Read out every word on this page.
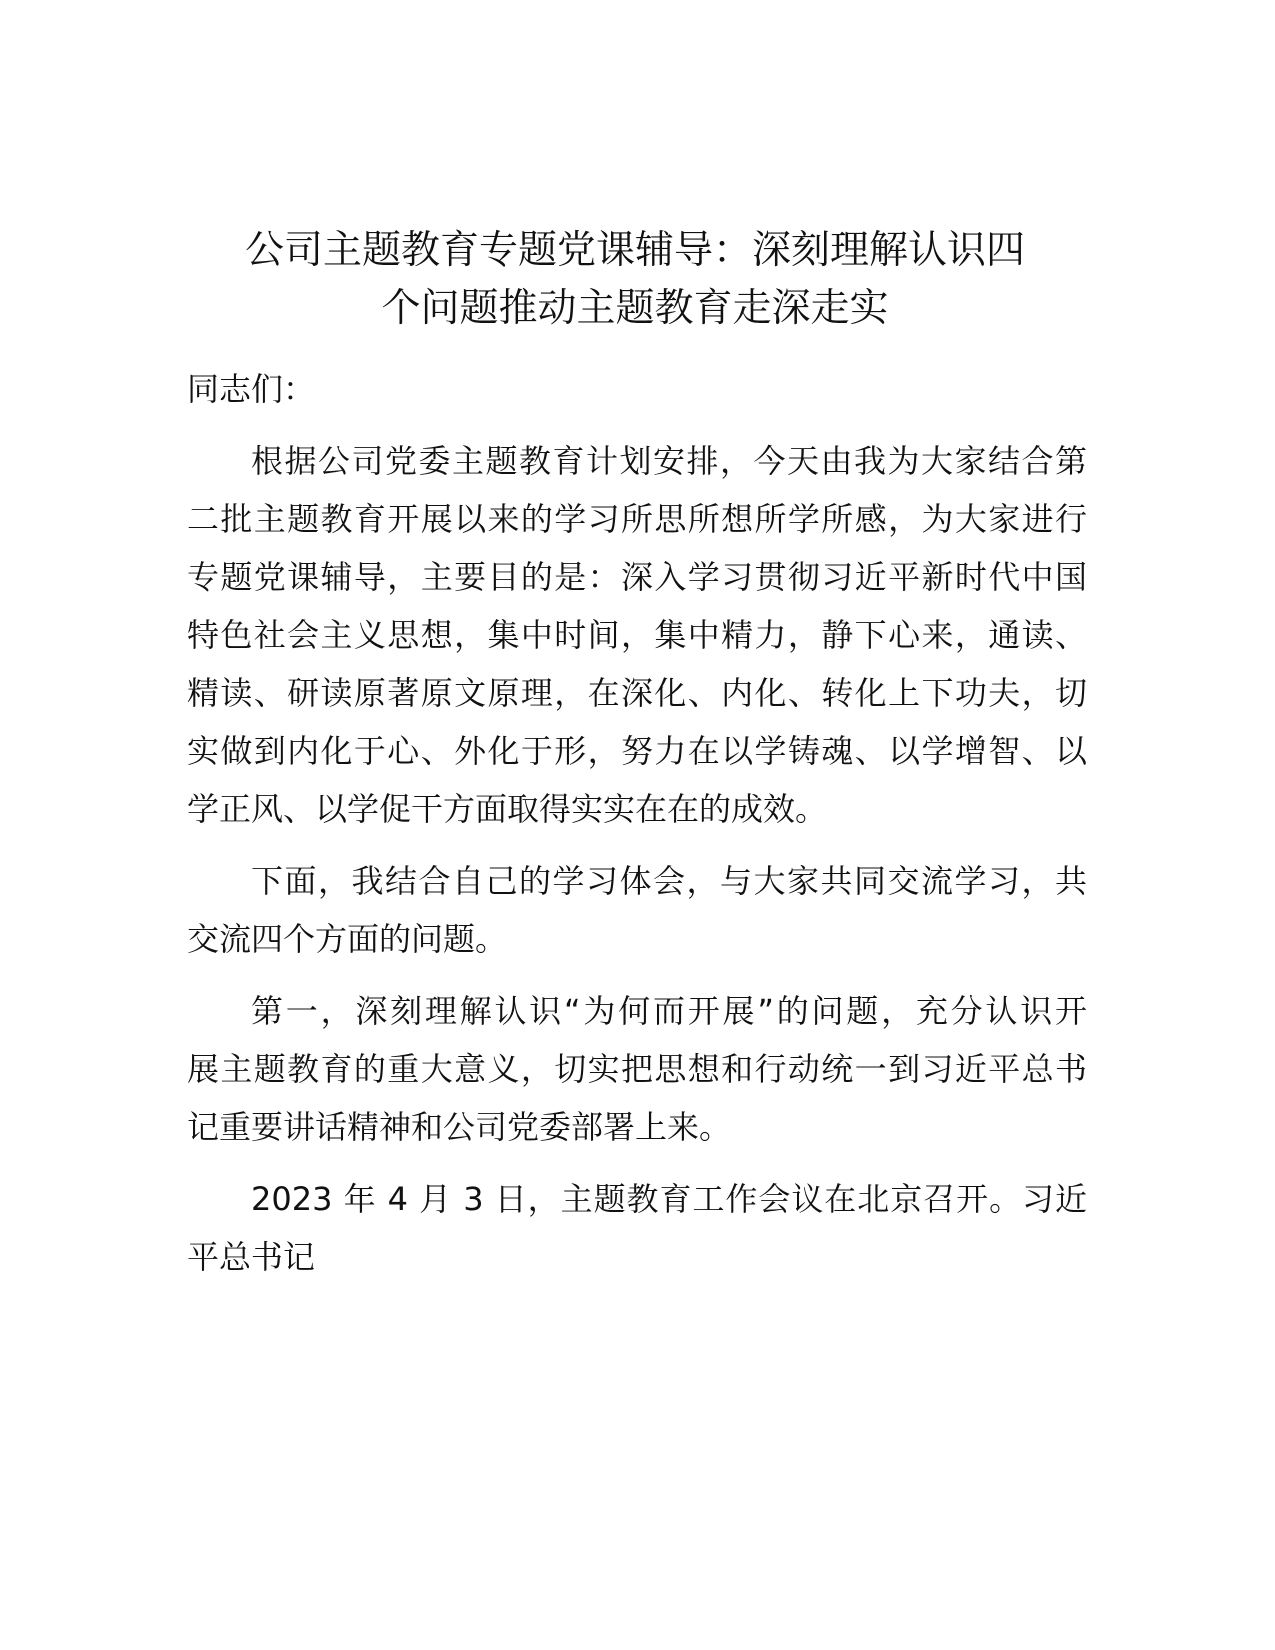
公司主题教育专题党课辅导：深刻理解认识四
个问题推动主题教育走深走实

同志们：

根据公司党委主题教育计划安排，今天由我为大家结合第
二批主题教育开展以来的学习所思所想所学所感，为大家进行
专题党课辅导，主要目的是：深入学习贯彻习近平新时代中国
特色社会主义思想，集中时间，集中精力，静下心来，通读、
精读、研读原著原文原理，在深化、内化、转化上下功夫，切
实做到内化于心、外化于形，努力在以学铸魂、以学增智、以
学正风、以学促干方面取得实实在在的成效。

下面，我结合自己的学习体会，与大家共同交流学习，共
交流四个方面的问题。

第一，深刻理解认识“为何而开展”的问题，充分认识开
展主题教育的重大意义，切实把思想和行动统一到习近平总书
记重要讲话精神和公司党委部署上来。

2023 年 4 月 3 日，主题教育工作会议在北京召开。习近
平总书记
